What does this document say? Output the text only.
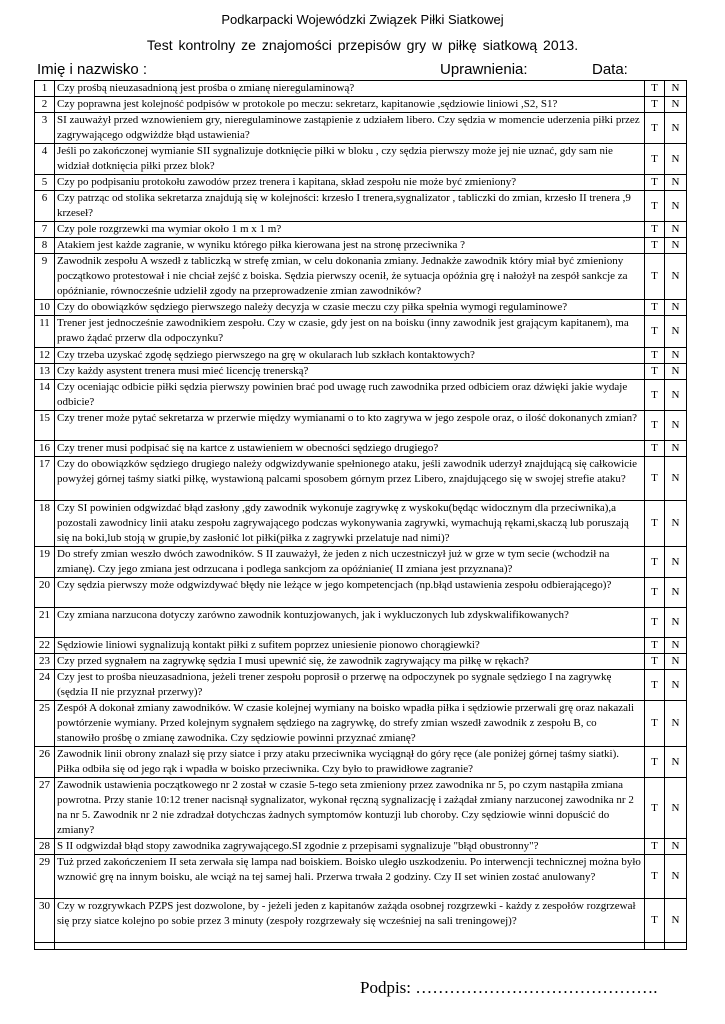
Podkarpacki Wojewódzki Związek Piłki Siatkowej
Test kontrolny ze znajomości przepisów gry w piłkę siatkową 2013.
Imię i nazwisko :	Uprawnienia:	Data:
1	Czy prośbą nieuzasadnioną jest prośba o zmianę nieregulaminową?	T	N
2	Czy poprawna jest kolejność podpisów w protokole po meczu: sekretarz, kapitanowie ,sędziowie liniowi ,S2, S1?	T	N
3	SI zauważył przed wznowieniem gry, nieregulaminowe zastąpienie z udziałem libero. Czy sędzia w momencie uderzenia piłki przez zagrywającego odgwiżdże błąd ustawienia?	T	N
4	Jeśli po zakończonej wymianie SII sygnalizuje dotknięcie piłki w bloku , czy sędzia pierwszy może jej nie uznać, gdy sam nie widział dotknięcia piłki przez blok?	T	N
5	Czy po podpisaniu protokołu zawodów przez trenera i kapitana, skład zespołu nie może być zmieniony?	T	N
6	Czy patrząc od stolika sekretarza znajdują się w kolejności: krzesło I trenera,sygnalizator , tabliczki do zmian, krzesło II trenera ,9 krzeseł?	T	N
7	Czy pole rozgrzewki ma wymiar około 1 m x 1 m?	T	N
8	Atakiem jest każde zagranie, w wyniku którego piłka kierowana jest na stronę przeciwnika ?	T	N
9	Zawodnik zespołu A wszedł z tabliczką w strefę zmian, w celu dokonania zmiany. Jednakże zawodnik który miał być zmieniony początkowo protestował i nie chciał zejść z boiska. Sędzia pierwszy ocenił, że sytuacja opóźnia grę i nałożył na zespół sankcje za opóźnianie, równocześnie udzielił zgody na przeprowadzenie zmian zawodników?	T	N
10	Czy do obowiązków sędziego pierwszego należy decyzja w czasie meczu czy piłka spełnia wymogi regulaminowe?	T	N
11	Trener jest jednocześnie zawodnikiem zespołu. Czy w czasie, gdy jest on na boisku (inny zawodnik jest grającym kapitanem), ma prawo żądać przerw dla odpoczynku?	T	N
12	Czy trzeba uzyskać zgodę sędziego pierwszego na grę w okularach lub szkłach kontaktowych?	T	N
13	Czy każdy asystent trenera musi mieć licencję trenerską?	T	N
14	Czy oceniając odbicie piłki sędzia pierwszy powinien brać pod uwagę ruch zawodnika przed odbiciem oraz dźwięki jakie wydaje odbicie?	T	N
15	Czy trener może pytać sekretarza w przerwie między wymianami o to kto zagrywa w jego zespole oraz, o ilość dokonanych zmian?	T	N
16	Czy trener musi podpisać się na kartce z ustawieniem w obecności sędziego drugiego?	T	N
17	Czy do obowiązków sędziego drugiego należy odgwizdywanie spełnionego ataku, jeśli zawodnik uderzył znajdującą się całkowicie powyżej górnej taśmy siatki piłkę, wystawioną palcami sposobem górnym przez Libero, znajdującego się w swojej strefie ataku?	T	N
18	Czy SI powinien odgwizdać błąd zasłony ,gdy zawodnik wykonuje zagrywkę z wyskoku(będąc widocznym dla przeciwnika),a pozostali zawodnicy linii ataku zespołu zagrywającego podczas wykonywania zagrywki, wymachują rękami,skaczą lub poruszają się na boki,lub stoją w grupie,by zasłonić lot piłki(piłka z zagrywki przelatuje nad nimi)?	T	N
19	Do strefy zmian weszło dwóch zawodników. S II zauważył, że jeden z nich uczestniczył już w grze w tym secie (wchodził na zmianę). Czy jego zmiana jest odrzucana i podlega sankcjom za opóźnianie( II zmiana jest przyznana)?	T	N
20	Czy sędzia pierwszy może odgwizdywać błędy nie leżące w jego kompetencjach (np.błąd ustawienia zespołu odbierającego)?	T	N
21	Czy zmiana narzucona dotyczy zarówno zawodnik kontuzjowanych, jak i wykluczonych lub zdyskwalifikowanych?	T	N
22	Sędziowie liniowi sygnalizują kontakt piłki z sufitem poprzez uniesienie pionowo chorągiewki?	T	N
23	Czy przed sygnałem na zagrywkę sędzia I musi upewnić się, że zawodnik zagrywający ma piłkę w rękach?	T	N
24	Czy jest to prośba nieuzasadniona, jeżeli trener zespołu poprosił o przerwę na odpoczynek po sygnale sędziego I na zagrywkę (sędzia II nie przyznał przerwy)?	T	N
25	Zespół A dokonał zmiany zawodników. W czasie kolejnej wymiany na boisko wpadła piłka i sędziowie przerwali grę oraz nakazali powtórzenie wymiany. Przed kolejnym sygnałem sędziego na zagrywkę, do strefy zmian wszedł zawodnik z zespołu B, co stanowiło prośbę o zmianę zawodnika. Czy sędziowie powinni przyznać zmianę?	T	N
26	Zawodnik linii obrony znalazł się przy siatce i przy ataku przeciwnika wyciągnął do góry ręce (ale poniżej górnej taśmy siatki). Piłka odbiła się od jego rąk i wpadła w boisko przeciwnika. Czy było to prawidłowe zagranie?	T	N
27	Zawodnik ustawienia początkowego nr 2 został w czasie 5-tego seta zmieniony przez zawodnika nr 5, po czym nastąpiła zmiana powrotna. Przy stanie 10:12 trener nacisnął sygnalizator, wykonał ręczną sygnalizację i zażądał zmiany narzuconej zawodnika nr 2 na nr 5. Zawodnik nr 2 nie zdradzał dotychczas żadnych symptomów kontuzji lub choroby. Czy sędziowie winni dopuścić do zmiany?	T	N
28	S II odgwizdał błąd stopy zawodnika zagrywającego.SI zgodnie z przepisami sygnalizuje "błąd obustronny"?	T	N
29	Tuż przed zakończeniem II seta zerwała się lampa nad boiskiem. Boisko uległo uszkodzeniu. Po interwencji technicznej można było wznowić grę na innym boisku, ale wciąż na tej samej hali. Przerwa trwała 2 godziny. Czy II set winien zostać anulowany?	T	N
30	Czy w rozgrywkach PZPS jest dozwolone, by - jeżeli jeden z kapitanów zażąda osobnej rozgrzewki - każdy z zespołów rozgrzewał się przy siatce kolejno po sobie przez 3 minuty (zespoły rozgrzewały się wcześniej na sali treningowej)?	T	N

Podpis: …………………………………….
